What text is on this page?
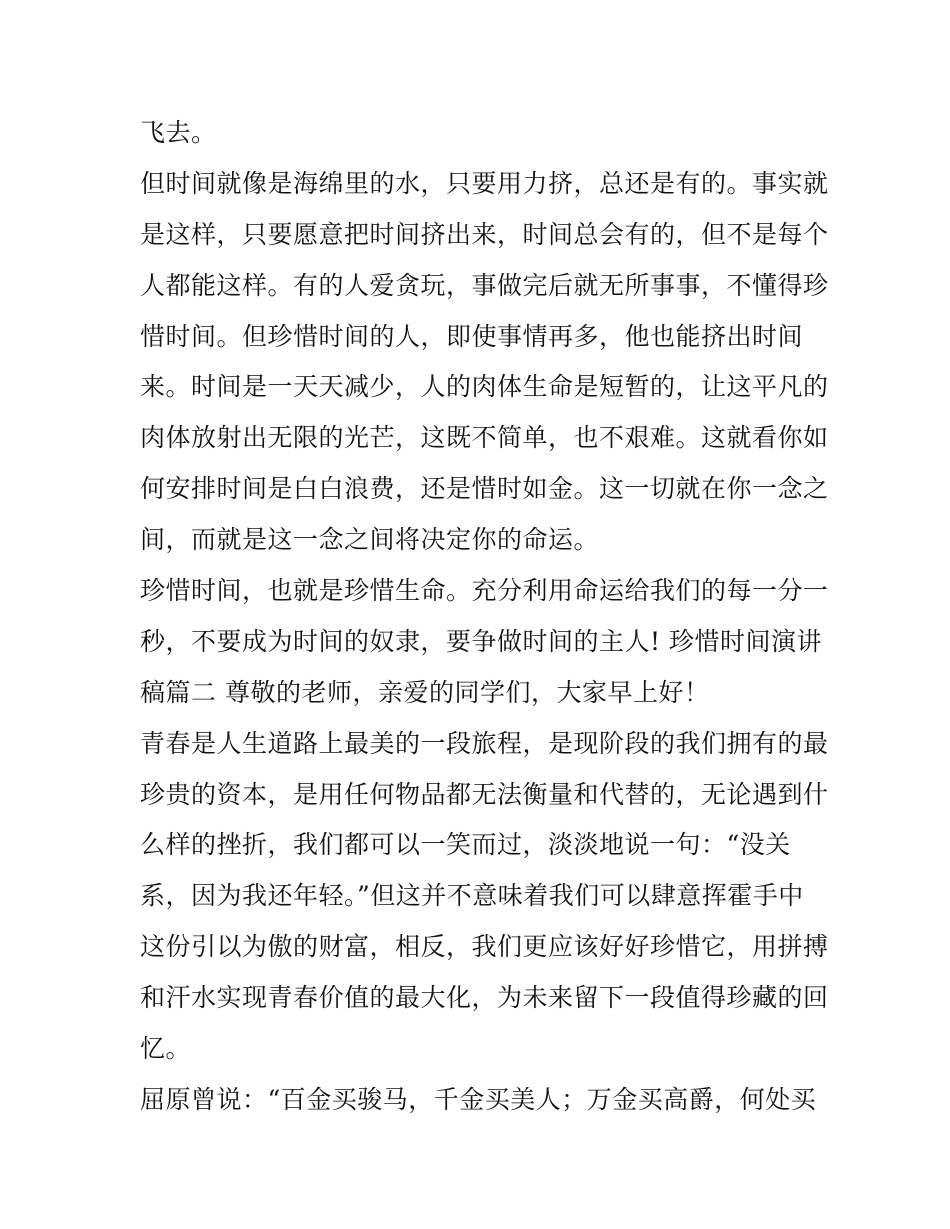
飞去。
但时间就像是海绵里的水，只要用力挤，总还是有的。事实就
是这样，只要愿意把时间挤出来，时间总会有的，但不是每个
人都能这样。有的人爱贪玩，事做完后就无所事事，不懂得珍
惜时间。但珍惜时间的人，即使事情再多，他也能挤出时间
来。时间是一天天减少，人的肉体生命是短暂的，让这平凡的
肉体放射出无限的光芒，这既不简单，也不艰难。这就看你如
何安排时间是白白浪费，还是惜时如金。这一切就在你一念之
间，而就是这一念之间将决定你的命运。
珍惜时间，也就是珍惜生命。充分利用命运给我们的每一分一
秒，不要成为时间的奴隶，要争做时间的主人! 珍惜时间演讲
稿篇二 尊敬的老师，亲爱的同学们，大家早上好！
青春是人生道路上最美的一段旅程，是现阶段的我们拥有的最
珍贵的资本，是用任何物品都无法衡量和代替的，无论遇到什
么样的挫折，我们都可以一笑而过，淡淡地说一句：“没关
系，因为我还年轻。”但这并不意味着我们可以肆意挥霍手中
这份引以为傲的财富，相反，我们更应该好好珍惜它，用拼搏
和汗水实现青春价值的最大化，为未来留下一段值得珍藏的回
忆。
屈原曾说：“百金买骏马，千金买美人；万金买高爵，何处买
